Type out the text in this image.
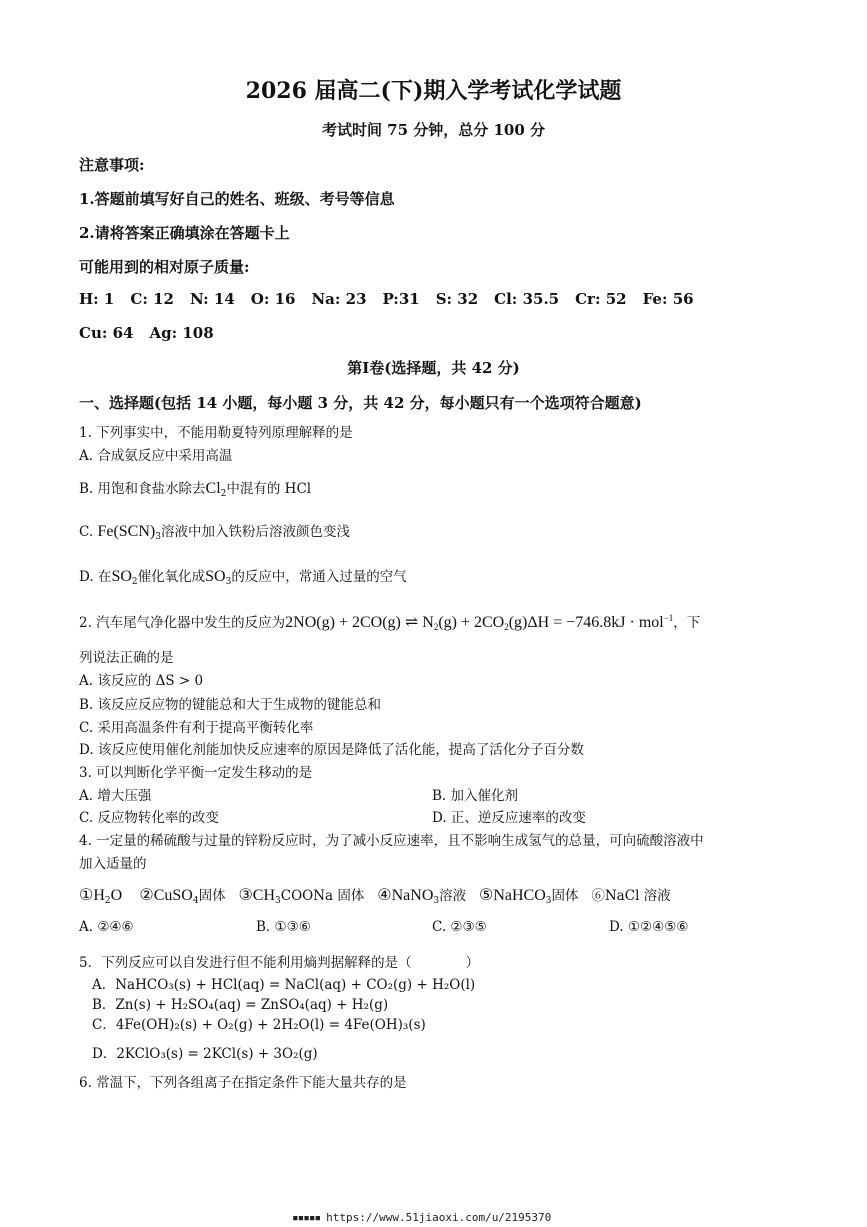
2026 届高二(下)期入学考试化学试题
考试时间 75 分钟，总分 100 分
注意事项:
1.答题前填写好自己的姓名、班级、考号等信息
2.请将答案正确填涂在答题卡上
可能用到的相对原子质量:
H: 1 C: 12 N: 14 O: 16 Na: 23 P:31 S: 32 Cl: 35.5 Cr: 52 Fe: 56
Cu: 64 Ag: 108
第Ⅰ卷(选择题，共 42 分)
一、选择题(包括 14 小题，每小题 3 分，共 42 分，每小题只有一个选项符合题意)
1. 下列事实中，不能用勒夏特列原理解释的是
A. 合成氨反应中采用高温
B. 用饱和食盐水除去$Cl_2$中混有的 HCl
C. $Fe(SCN)_3$溶液中加入铁粉后溶液颜色变浅
D. 在$SO_2$催化氧化成$SO_3$的反应中，常通入过量的空气
2. 汽车尾气净化器中发生的反应为2NO(g) + 2CO(g) ⇌ $N_2(g) + 2CO_2(g)\Delta H = -746.8kJ \cdot mol^{-1}$，下
列说法正确的是
A. 该反应的 ΔS > 0
B. 该反应反应物的键能总和大于生成物的键能总和
C. 采用高温条件有利于提高平衡转化率
D. 该反应使用催化剂能加快反应速率的原因是降低了活化能，提高了活化分子百分数
3. 可以判断化学平衡一定发生移动的是
A. 增大压强	B. 加入催化剂
C. 反应物转化率的改变	D. 正、逆反应速率的改变
4. 一定量的稀硫酸与过量的锌粉反应时，为了减小反应速率，且不影响生成氢气的总量，可向硫酸溶液中
加入适量的
$①H_2O$ ②CuSO$_4$固体 $③CH_3COONa$ 固体 ④NaNO$_3$溶液 ⑤NaHCO$_3$固体 ⑥NaCl 溶液
A. ②④⑥	B. ①③⑥	C. ②③⑤	D. ①②④⑤⑥
5．下列反应可以自发进行但不能利用熵判据解释的是（　　　　）
A．NaHCO₃(s) + HCl(aq) = NaCl(aq) + CO₂(g) + H₂O(l)
B．Zn(s) + H₂SO₄(aq) = ZnSO₄(aq) + H₂(g)
C．4Fe(OH)₂(s) + O₂(g) + 2H₂O(l) = 4Fe(OH)₃(s)
D．2KClO₃(s) = 2KCl(s) + 3O₂(g)
6. 常温下，下列各组离子在指定条件下能大量共存的是
▪▪▪▪▪ https://www.51jiaoxi.com/u/2195370
